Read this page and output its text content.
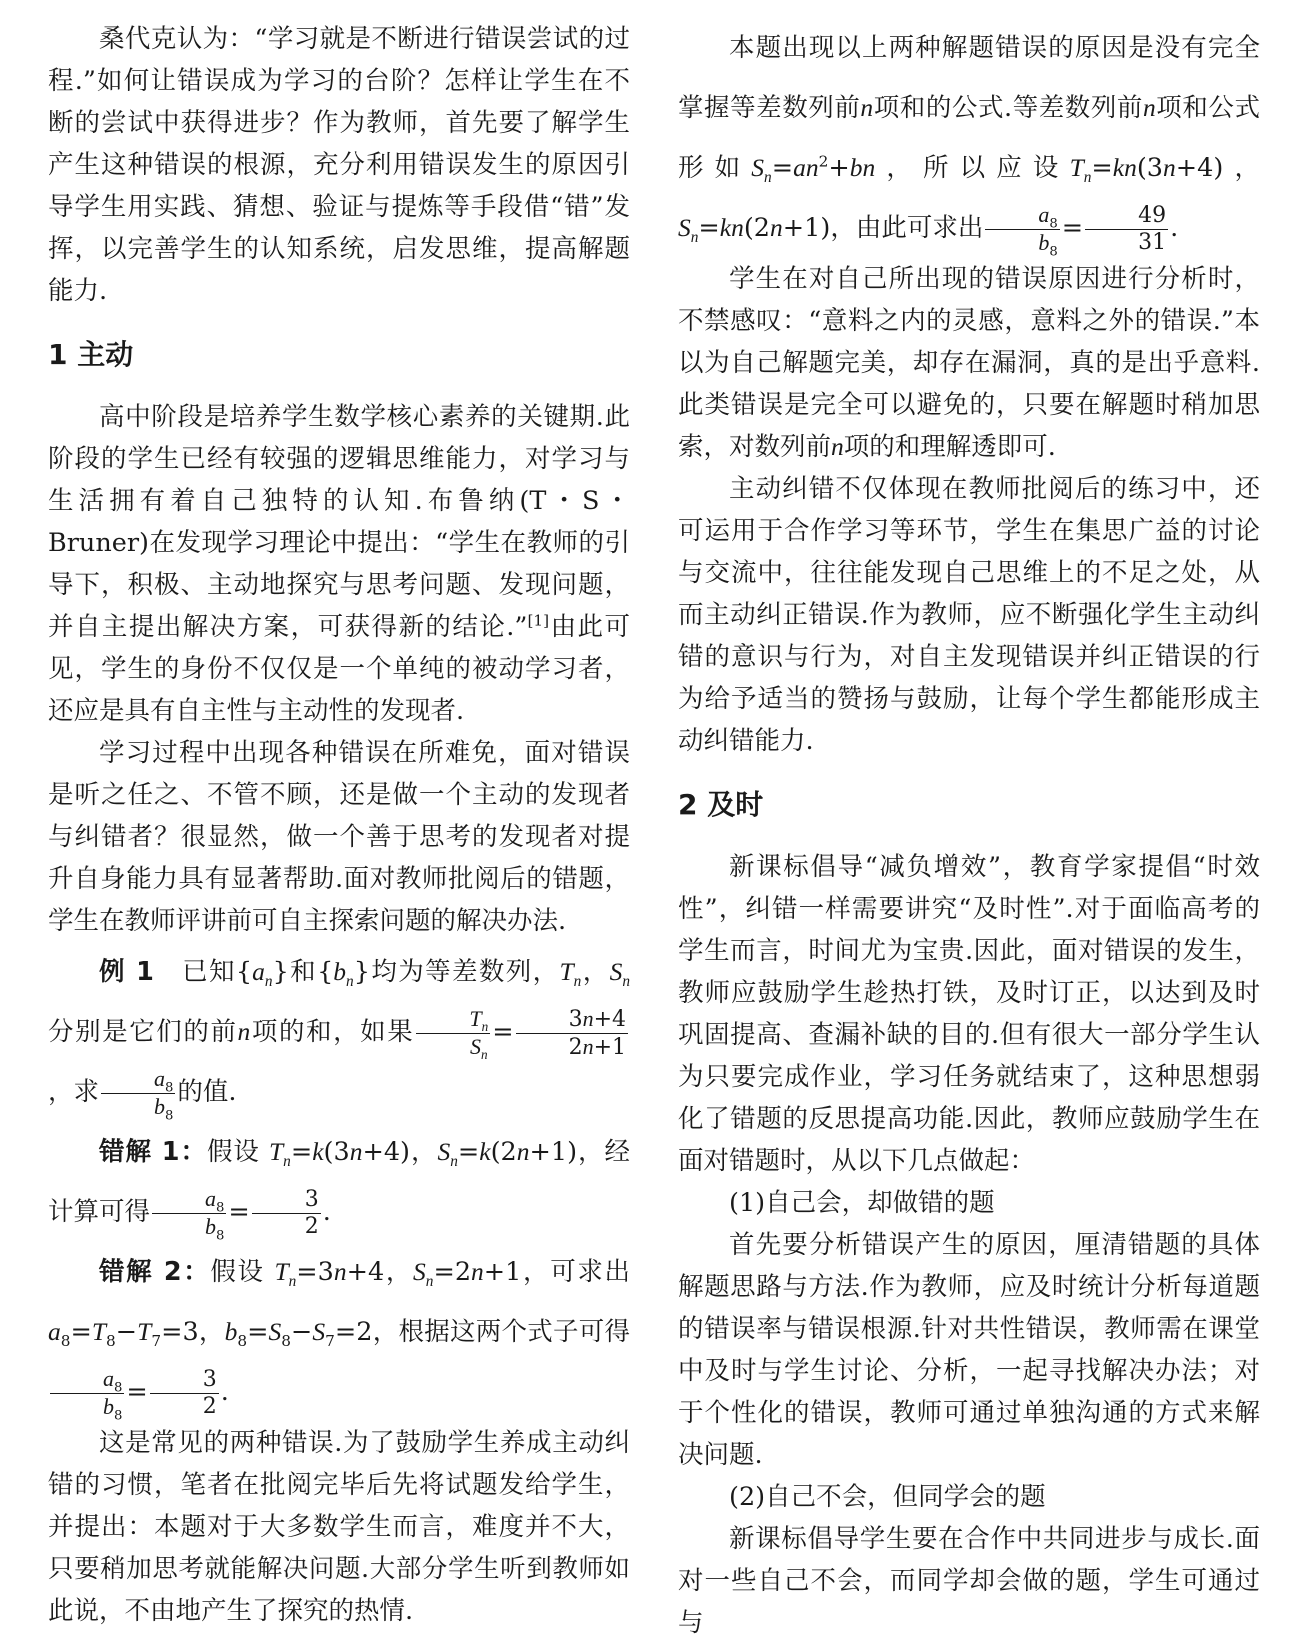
桑代克认为：“学习就是不断进行错误尝试的过程.”如何让错误成为学习的台阶？怎样让学生在不断的尝试中获得进步？作为教师，首先要了解学生产生这种错误的根源，充分利用错误发生的原因引导学生用实践、猜想、验证与提炼等手段借“错”发挥，以完善学生的认知系统，启发思维，提高解题能力.

1 主动

高中阶段是培养学生数学核心素养的关键期.此阶段的学生已经有较强的逻辑思维能力，对学习与生活拥有着自己独特的认知.布鲁纳(T・S・Bruner)在发现学习理论中提出：“学生在教师的引导下，积极、主动地探究与思考问题、发现问题，并自主提出解决方案，可获得新的结论.”[1]由此可见，学生的身份不仅仅是一个单纯的被动学习者，还应是具有自主性与主动性的发现者.

学习过程中出现各种错误在所难免，面对错误是听之任之、不管不顾，还是做一个主动的发现者与纠错者？很显然，做一个善于思考的发现者对提升自身能力具有显著帮助.面对教师批阅后的错题，学生在教师评讲前可自主探索问题的解决办法.

例 1　 已知$\{a_n\}$和$\{b_n\}$均为等差数列，$T_n$，$S_n$分别是它们的前n项的和，如果 $\frac{T_n}{S_n} = \frac{3n+4}{2n+1}$
，求 $\frac{a_8}{b_8}$ 的值.

错解 1：假设 $T_n=k(3n+4)$，$S_n=k(2n+1)$，经计算可得 $\frac{a_8}{b_8} = \frac{3}{2}$ .

错解 2：假设 $T_n=3n+4$，$S_n=2n+1$，可求出$a_8=T_8-T_7=3$，$b_8=S_8-S_7=2$，根据这两个式子可得
$\frac{a_8}{b_8} = \frac{3}{2}$ .

这是常见的两种错误.为了鼓励学生养成主动纠错的习惯，笔者在批阅完毕后先将试题发给学生，并提出：本题对于大多数学生而言，难度并不大，只要稍加思考就能解决问题.大部分学生听到教师如此说，不由地产生了探究的热情.

本题出现以上两种解题错误的原因是没有完全掌握等差数列前n项和的公式.等差数列前n项和公式形如$S_n=an^2+bn$，所以应设$T_n=kn(3n+4)$，$S_n=kn(2n+1)$，由此可求出 $\frac{a_8}{b_8} = \frac{49}{31}$ .

学生在对自己所出现的错误原因进行分析时，不禁感叹：“意料之内的灵感，意料之外的错误.”本以为自己解题完美，却存在漏洞，真的是出乎意料.此类错误是完全可以避免的，只要在解题时稍加思索，对数列前n项的和理解透即可.

主动纠错不仅体现在教师批阅后的练习中，还可运用于合作学习等环节，学生在集思广益的讨论与交流中，往往能发现自己思维上的不足之处，从而主动纠正错误.作为教师，应不断强化学生主动纠错的意识与行为，对自主发现错误并纠正错误的行为给予适当的赞扬与鼓励，让每个学生都能形成主动纠错能力.

2 及时

新课标倡导“减负增效”，教育学家提倡“时效性”，纠错一样需要讲究“及时性”.对于面临高考的学生而言，时间尤为宝贵.因此，面对错误的发生，教师应鼓励学生趁热打铁，及时订正，以达到及时巩固提高、查漏补缺的目的.但有很大一部分学生认为只要完成作业，学习任务就结束了，这种思想弱化了错题的反思提高功能.因此，教师应鼓励学生在面对错题时，从以下几点做起：

(1)自己会，却做错的题

首先要分析错误产生的原因，厘清错题的具体解题思路与方法.作为教师，应及时统计分析每道题的错误率与错误根源.针对共性错误，教师需在课堂中及时与学生讨论、分析，一起寻找解决办法；对于个性化的错误，教师可通过单独沟通的方式来解决问题.

(2)自己不会，但同学会的题

新课标倡导学生要在合作中共同进步与成长.面对一些自己不会，而同学却会做的题，学生可通过与
